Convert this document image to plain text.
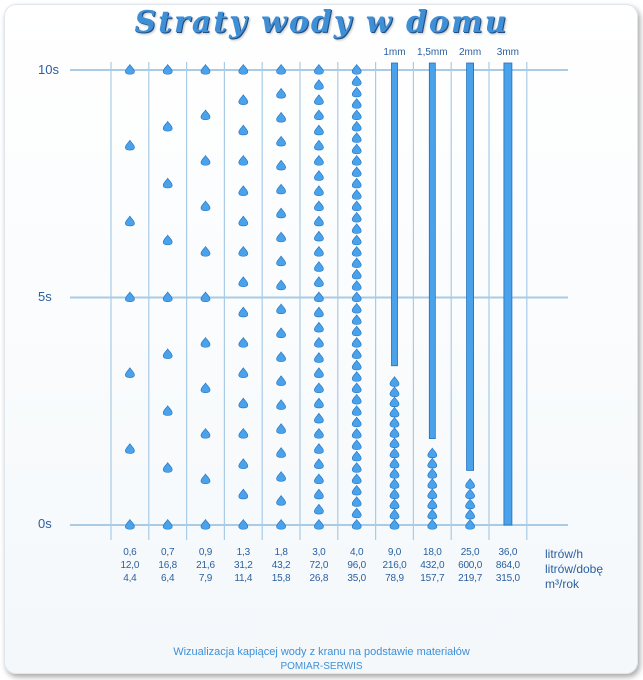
Straty wody w domu
10s
5s
0s
0,6
12,0
4,4
0,7
16,8
6,4
0,9
21,6
7,9
1,3
31,2
11,4
1,8
43,2
15,8
3,0
72,0
26,8
4,0
96,0
35,0
1mm
9,0
216,0
78,9
1,5mm
18,0
432,0
157,7
2mm
25,0
600,0
219,7
3mm
36,0
864,0
315,0
litrów/h
litrów/dobę
m³/rok
Wizualizacja kapiącej wody z kranu na podstawie materiałów
POMIAR-SERWIS
